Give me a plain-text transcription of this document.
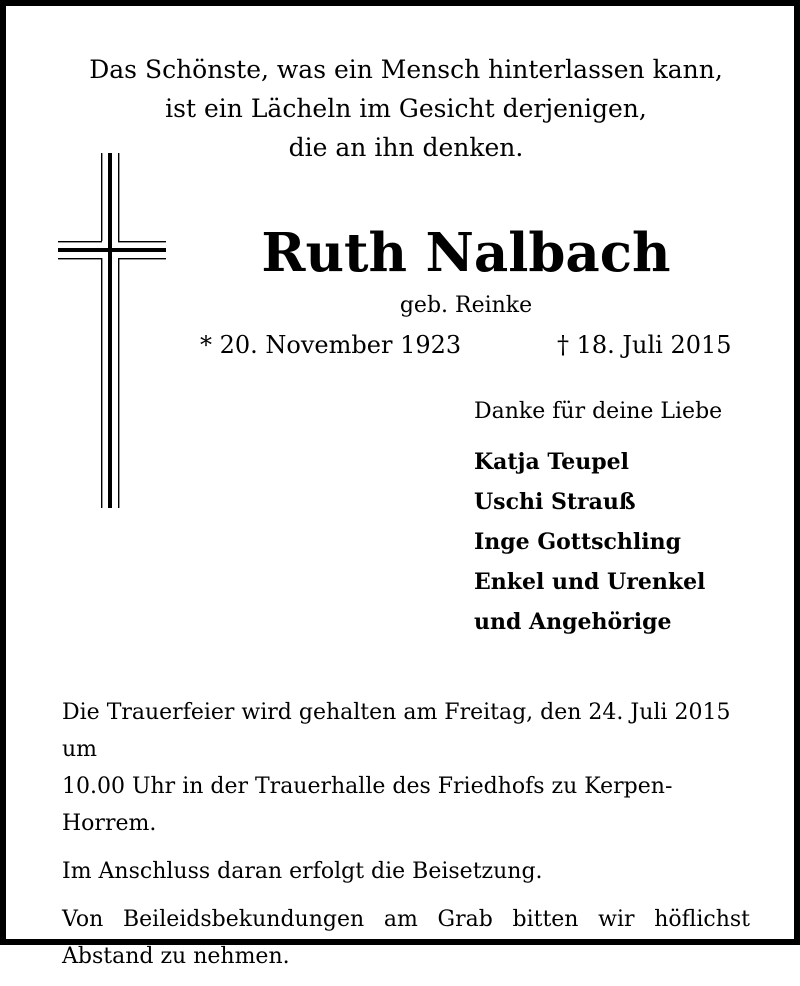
Das Schönste, was ein Mensch hinterlassen kann,
ist ein Lächeln im Gesicht derjenigen,
die an ihn denken.
Ruth Nalbach
geb. Reinke
* 20. November 1923	† 18. Juli 2015
Danke für deine Liebe
Katja Teupel
Uschi Strauß
Inge Gottschling
Enkel und Urenkel
und Angehörige

Die Trauerfeier wird gehalten am Freitag, den 24. Juli 2015 um
10.00 Uhr in der Trauerhalle des Friedhofs zu Kerpen-Horrem.

Im Anschluss daran erfolgt die Beisetzung.

Von Beileidsbekundungen am Grab bitten wir höflichst Abstand zu nehmen.
